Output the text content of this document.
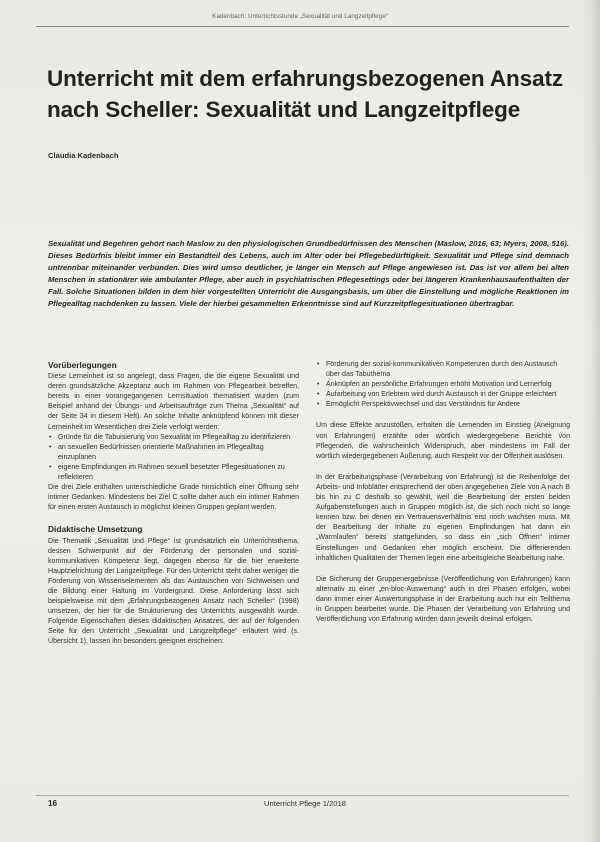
Kadenbach: Unterrichtsstunde „Sexualität und Langzeitpflege“
Unterricht mit dem erfahrungsbezogenen Ansatz nach Scheller: Sexualität und Langzeitpflege
Claudia Kadenbach

Sexualität und Begehren gehört nach Maslow zu den physiologischen Grundbedürfnissen des Menschen (Maslow, 2016, 63; Myers, 2008, 516). Dieses Bedürfnis bleibt immer ein Bestandteil des Lebens, auch im Alter oder bei Pflegebedürftigkeit. Sexualität und Pflege sind demnach untrennbar miteinander verbunden. Dies wird umso deutlicher, je länger ein Mensch auf Pflege angewiesen ist. Das ist vor allem bei alten Menschen in stationärer wie ambulanter Pflege, aber auch in psychiatrischen Pflegesettings oder bei längeren Krankenhausaufenthalten der Fall. Solche Situationen bilden in dem hier vorgestellten Unterricht die Ausgangsbasis, um über die Einstellung und mögliche Reaktionen im Pflegealltag nachdenken zu lassen. Viele der hierbei gesammelten Erkenntnisse sind auf Kurzzeitpflegesituationen übertragbar.

Vorüberlegungen

Diese Lerneinheit ist so angelegt, dass Fragen, die die eigene Sexualität und deren grundsätzliche Akzeptanz auch im Rahmen von Pflegearbeit betreffen, bereits in einer vorangegangenen Lernsituation thematisiert wurden (zum Beispiel anhand der Übungs- und Arbeitsaufträge zum Thema „Sexualität“ auf der Seite 34 in diesem Heft). An solche Inhalte anknüpfend können mit dieser Lerneinheit im Wesentlichen drei Ziele verfolgt werden:

• Gründe für die Tabuisierung von Sexualität im Pflegealltag zu identifizieren
• an sexuellen Bedürfnissen orientierte Maßnahmen im Pflegealltag einzuplanen
• eigene Empfindungen im Rahmen sexuell besetzter Pflegesituationen zu reflektieren

Die drei Ziele enthalten unterschiedliche Grade hinsichtlich einer Öffnung sehr intimer Gedanken. Mindestens bei Ziel C sollte daher auch ein intimer Rahmen für einen ersten Austausch in möglichst kleinen Gruppen geplant werden.

Didaktische Umsetzung

Die Thematik „Sexualität und Pflege“ ist grundsätzlich ein Unterrichtsthema, dessen Schwerpunkt auf der Förderung der personalen und sozial-kommunikativen Kompetenz liegt, dagegen ebenso für die hier erweiterte Hauptzielrichtung der Langzeitpflege. Für den Unterricht steht daher weniger die Förderung von Wissenselementen als das Austauschen von Sichtweisen und die Bildung einer Haltung im Vordergrund. Diese Anforderung lässt sich beispielsweise mit dem „Erfahrungsbezogenen Ansatz nach Scheller“ (1998) umsetzen, der hier für die Strukturierung des Unterrichts ausgewählt wurde. Folgende Eigenschaften dieses didaktischen Ansatzes, der auf der folgenden Seite für den Unterricht „Sexualität und Langzeitpflege“ erläutert wird (s. Übersicht 1), lassen ihn besonders geeignet erscheinen:

• Förderung der sozial-kommunikativen Kompetenzen durch den Austausch über das Tabuthema
• Anknüpfen an persönliche Erfahrungen erhöht Motivation und Lernerfolg
• Aufarbeitung von Erlebtem wird durch Austausch in der Gruppe erleichtert
• Ermöglicht Perspektivwechsel und das Verständnis für Andere

Um diese Effekte anzustoßen, erhalten die Lernenden im Einstieg (Aneignung von Erfahrungen) erzählte oder wörtlich wiedergegebene Berichte von Pflegenden, die wahrscheinlich Widerspruch, aber mindestens im Fall der wörtlich wiedergegebenen Äußerung, auch Respekt vor der Offenheit auslösen.

In der Erarbeitungsphase (Verarbeitung von Erfahrung) ist die Reihenfolge der Arbeits- und Infoblätter entsprechend der oben angegebenen Ziele von A nach B bis hin zu C deshalb so gewählt, weil die Bearbeitung der ersten beiden Aufgabenstellungen auch in Gruppen möglich ist, die sich noch nicht so lange kennen bzw. bei denen ein Vertrauensverhältnis erst noch wachsen muss. Mit der Bearbeitung der Inhalte zu eigenen Empfindungen hat dann ein „Warmlaufen“ bereits stattgefunden, so dass ein „sich Öffnen“ intimer Einstellungen und Gedanken eher möglich erscheint. Die differierenden inhaltlichen Qualitäten der Themen legen eine arbeitsgleiche Bearbeitung nahe.

Die Sicherung der Gruppenergebnisse (Veröffentlichung von Erfahrungen) kann alternativ zu einer „en-bloc-Auswertung“ auch in drei Phasen erfolgen, wobei dann immer einer Auswertungsphase in der Erarbeitung auch nur ein Teilthema in Gruppen bearbeitet wurde. Die Phasen der Verarbeitung von Erfahrung und Veröffentlichung von Erfahrung würden dann jeweils dreimal erfolgen.

16	Unterricht Pflege 1/2018
